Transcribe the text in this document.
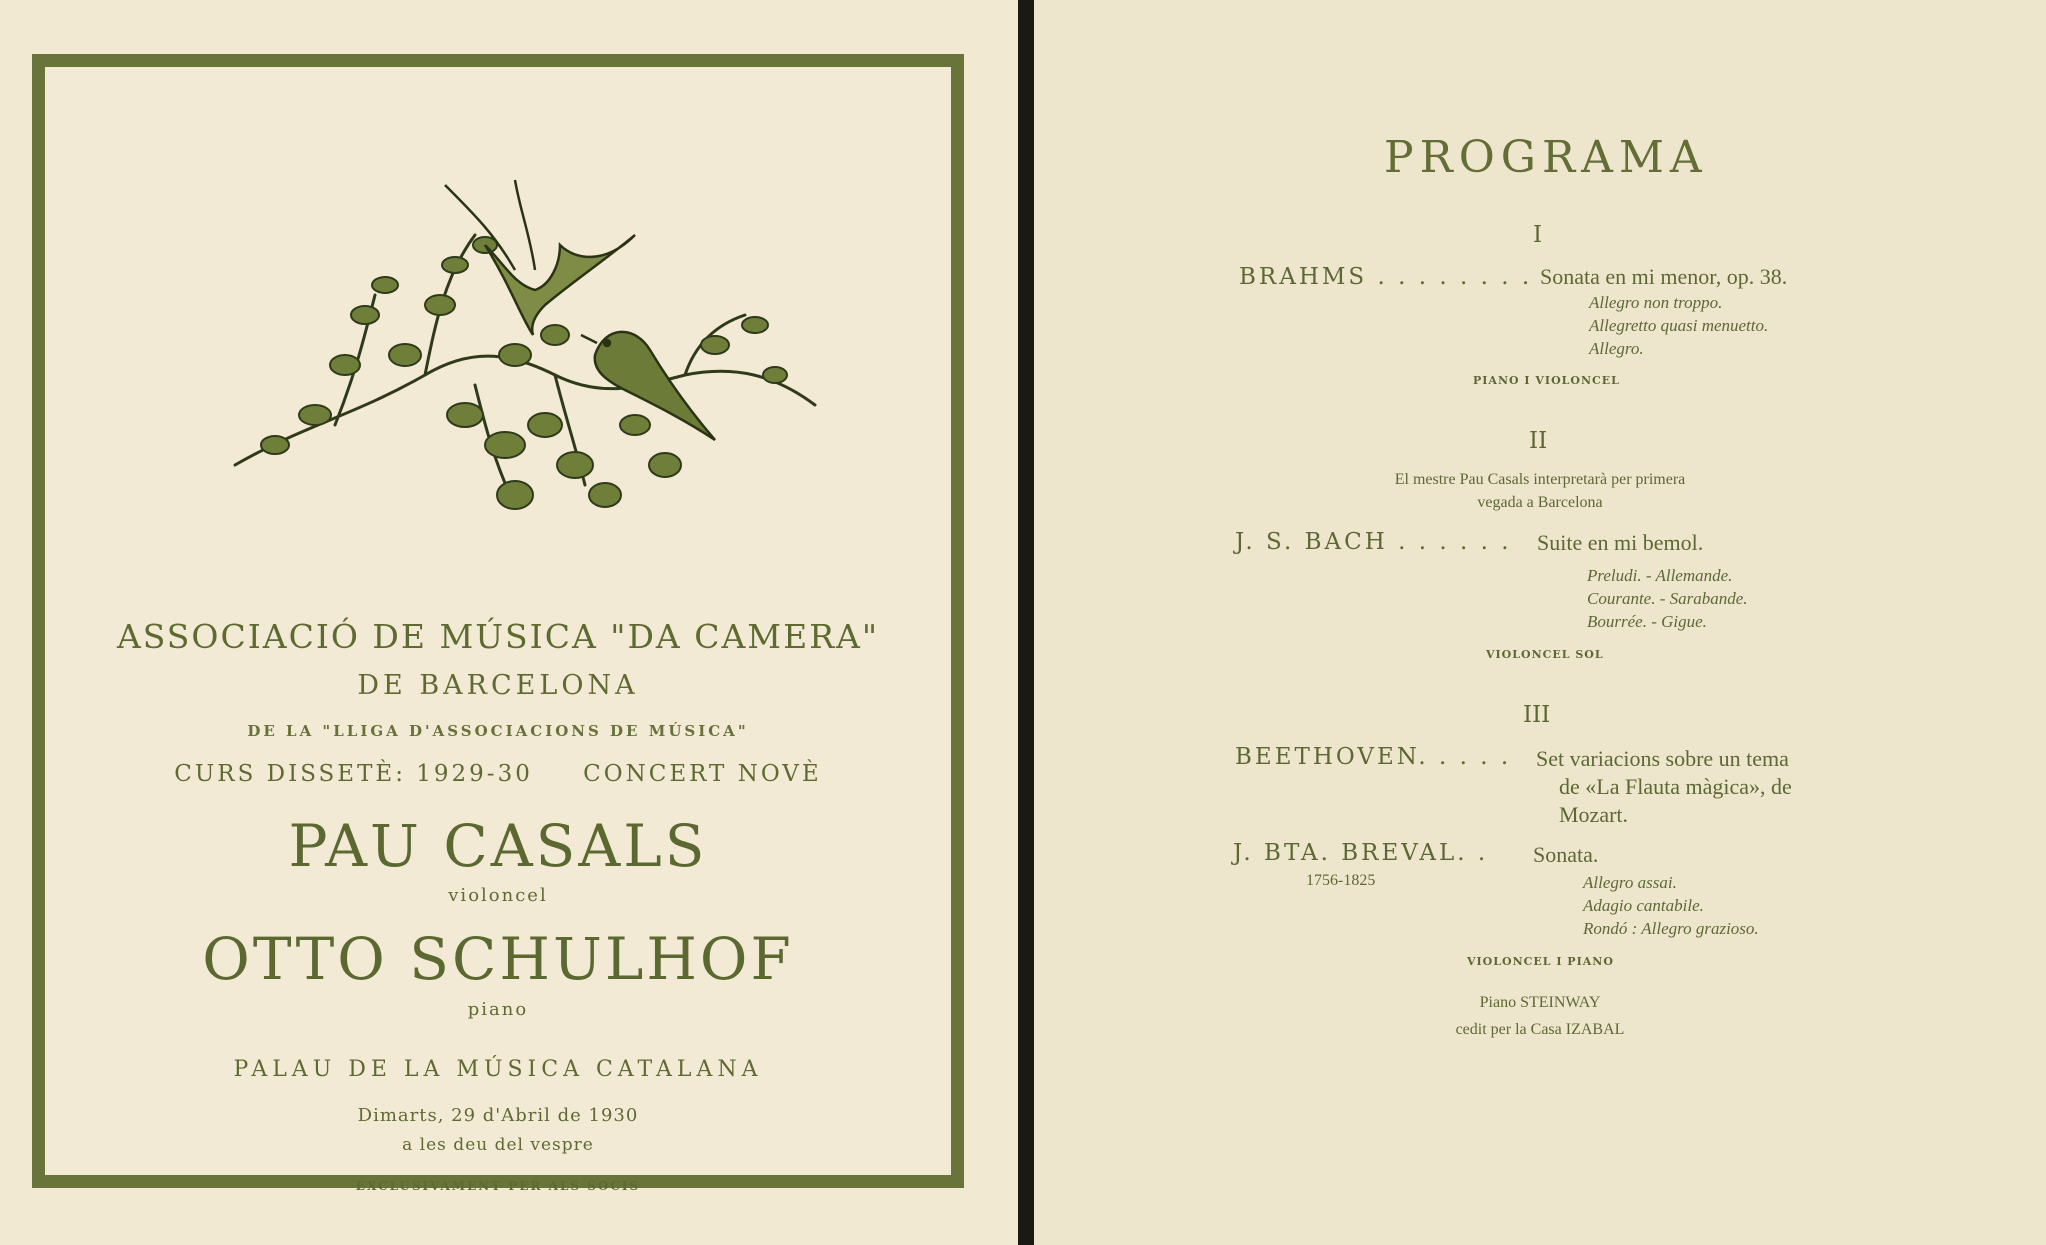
ASSOCIACIÓ DE MÚSICA "DA CAMERA"
DE BARCELONA
DE LA "LLIGA D'ASSOCIACIONS DE MÚSICA"
CURS DISSETÈ: 1929-30 CONCERT NOVÈ
PAU CASALS
violoncel
OTTO SCHULHOF
piano
PALAU DE LA MÚSICA CATALANA
Dimarts, 29 d'Abril de 1930
a les deu del vespre
EXCLUSIVAMENT PER ALS SOCIS
PROGRAMA
I
BRAHMS . . . . . . . . Sonata en mi menor, op. 38.
Allegro non troppo.
Allegretto quasi menuetto.
Allegro.
PIANO I VIOLONCEL
II
El mestre Pau Casals interpretarà per primera
vegada a Barcelona
J. S. BACH . . . . . . Suite en mi bemol.
Preludi. - Allemande.
Courante. - Sarabande.
Bourrée. - Gigue.
VIOLONCEL SOL
III
BEETHOVEN. . . . . Set variacions sobre un tema
de «La Flauta màgica», de
Mozart.
J. BTA. BREVAL. .
1756-1825
Sonata.
Allegro assai.
Adagio cantabile.
Rondó : Allegro grazioso.
VIOLONCEL I PIANO
Piano STEINWAY
cedit per la Casa IZABAL
